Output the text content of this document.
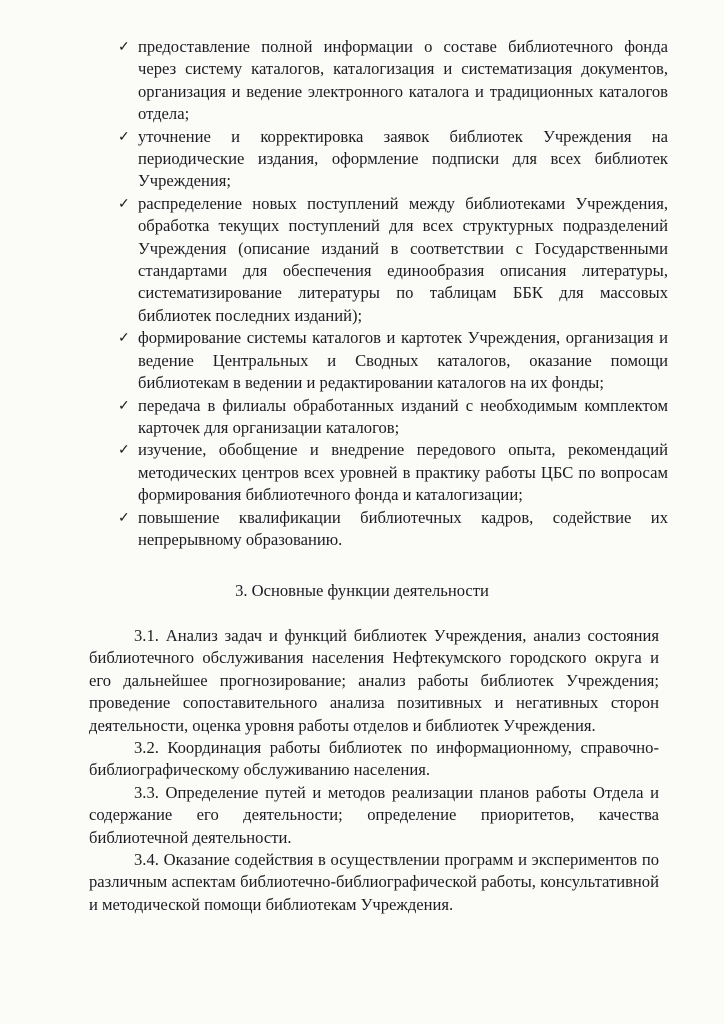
✓ предоставление полной информации о составе библиотечного фонда через систему каталогов, каталогизация и систематизация документов, организация и ведение электронного каталога и традиционных каталогов отдела;
✓ уточнение и корректировка заявок библиотек Учреждения на периодические издания, оформление подписки для всех библиотек Учреждения;
✓ распределение новых поступлений между библиотеками Учреждения, обработка текущих поступлений для всех структурных подразделений Учреждения (описание изданий в соответствии с Государственными стандартами для обеспечения единообразия описания литературы, систематизирование литературы по таблицам ББК для массовых библиотек последних изданий);
✓ формирование системы каталогов и картотек Учреждения, организация и ведение Центральных и Сводных каталогов, оказание помощи библиотекам в ведении и редактировании каталогов на их фонды;
✓ передача в филиалы обработанных изданий с необходимым комплектом карточек для организации каталогов;
✓ изучение, обобщение и внедрение передового опыта, рекомендаций методических центров всех уровней в практику работы ЦБС по вопросам формирования библиотечного фонда и каталогизации;
✓ повышение квалификации библиотечных кадров, содействие их непрерывному образованию.
3. Основные функции деятельности

3.1. Анализ задач и функций библиотек Учреждения, анализ состояния библиотечного обслуживания населения Нефтекумского городского округа и его дальнейшее прогнозирование; анализ работы библиотек Учреждения; проведение сопоставительного анализа позитивных и негативных сторон деятельности, оценка уровня работы отделов и библиотек Учреждения.

3.2. Координация работы библиотек по информационному, справочно-библиографическому обслуживанию населения.

3.3. Определение путей и методов реализации планов работы Отдела и содержание его деятельности; определение приоритетов, качества библиотечной деятельности.

3.4. Оказание содействия в осуществлении программ и экспериментов по различным аспектам библиотечно-библиографической работы, консультативной и методической помощи библиотекам Учреждения.
